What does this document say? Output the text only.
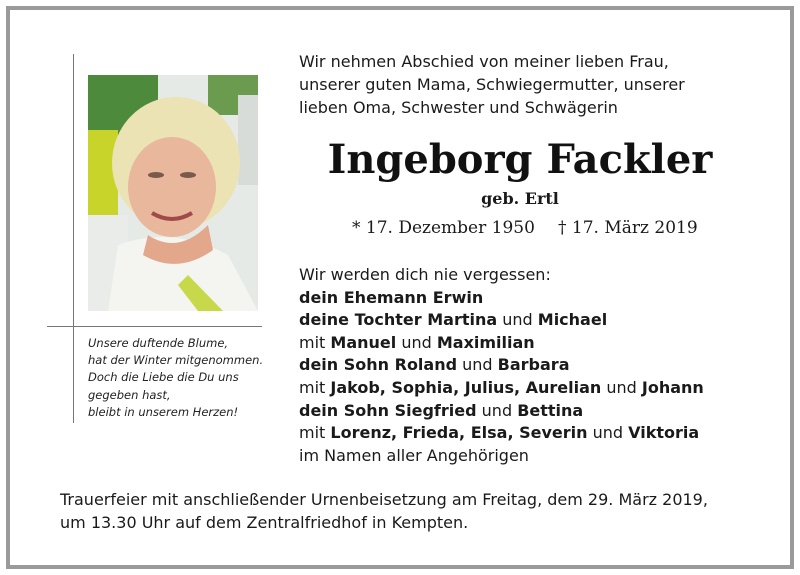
Unsere duftende Blume,
hat der Winter mitgenommen.
Doch die Liebe die Du uns
gegeben hast,
bleibt in unserem Herzen!
Wir nehmen Abschied von meiner lieben Frau,
unserer guten Mama, Schwiegermutter, unserer
lieben Oma, Schwester und Schwägerin
Ingeborg Fackler
geb. Ertl
* 17. Dezember 1950 † 17. März 2019
Wir werden dich nie vergessen:
dein Ehemann Erwin
deine Tochter Martina und Michael
mit Manuel und Maximilian
dein Sohn Roland und Barbara
mit Jakob, Sophia, Julius, Aurelian und Johann
dein Sohn Siegfried und Bettina
mit Lorenz, Frieda, Elsa, Severin und Viktoria
im Namen aller Angehörigen
Trauerfeier mit anschließender Urnenbeisetzung am Freitag, dem 29. März 2019,
um 13.30 Uhr auf dem Zentralfriedhof in Kempten.
